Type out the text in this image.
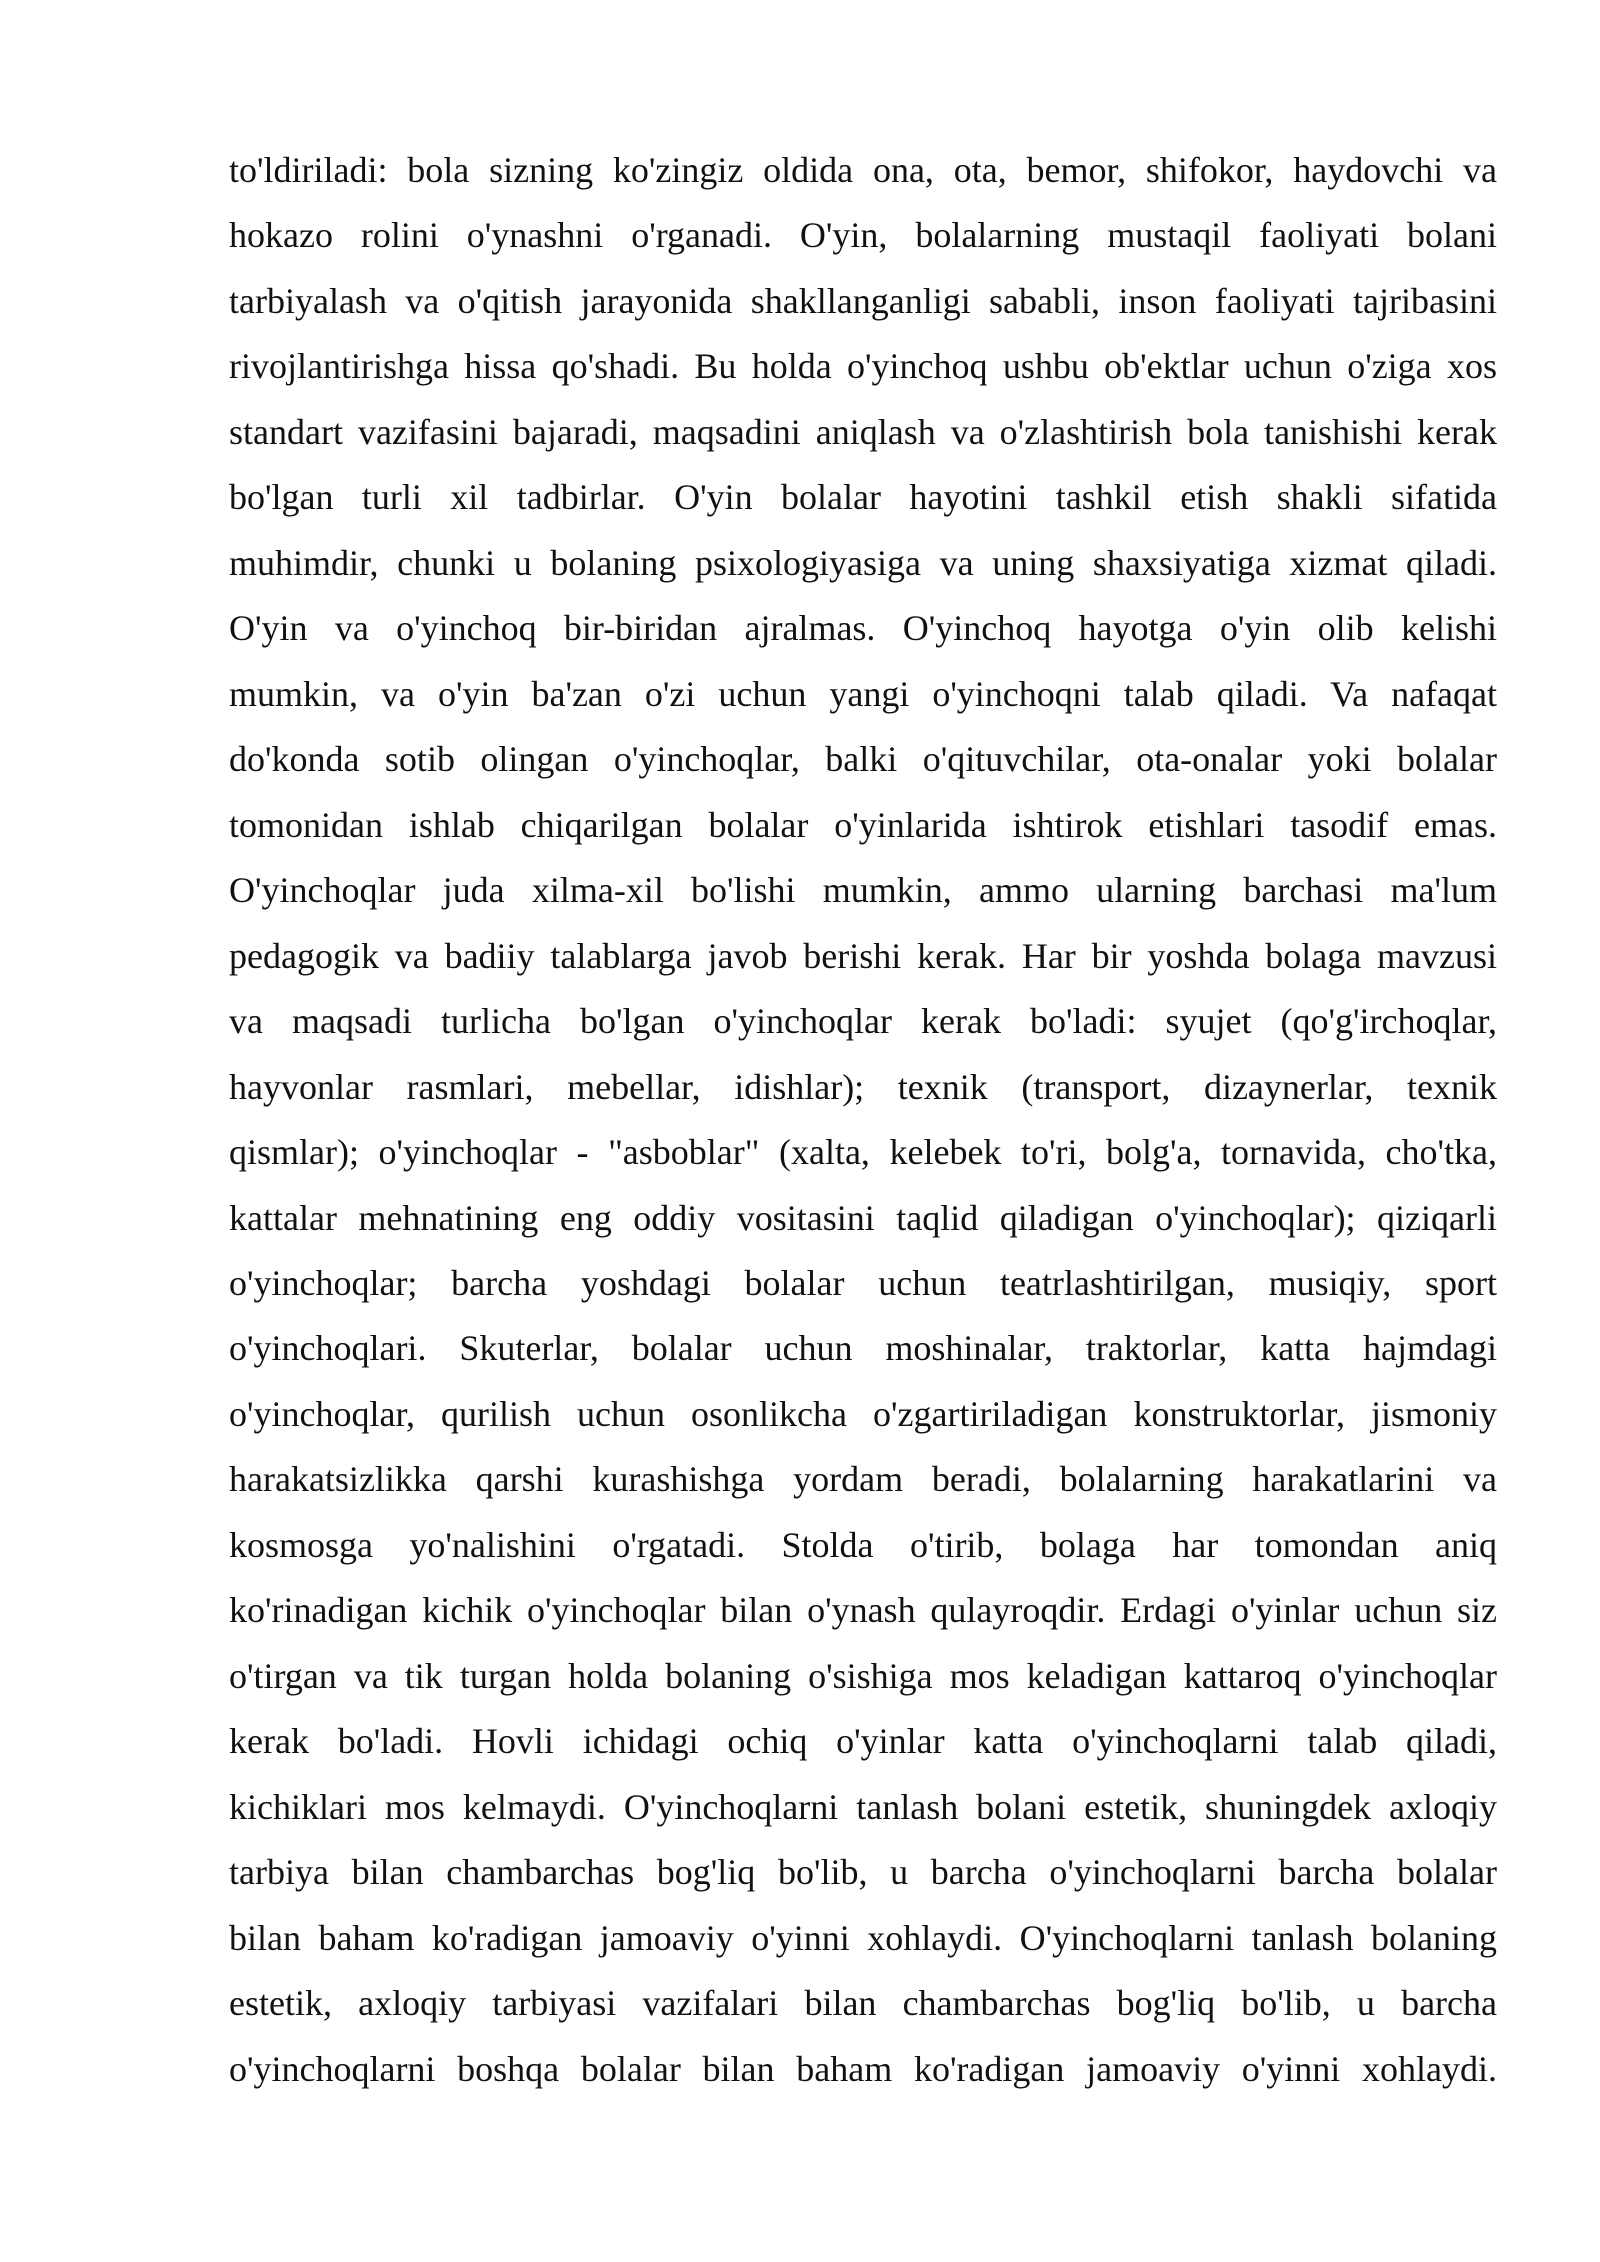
to'ldiriladi: bola sizning ko'zingiz oldida ona, ota, bemor, shifokor, haydovchi va
hokazo rolini o'ynashni o'rganadi. O'yin, bolalarning mustaqil faoliyati bolani
tarbiyalash va o'qitish jarayonida shakllanganligi sababli, inson faoliyati tajribasini
rivojlantirishga hissa qo'shadi. Bu holda o'yinchoq ushbu ob'ektlar uchun o'ziga xos
standart vazifasini bajaradi, maqsadini aniqlash va o'zlashtirish bola tanishishi kerak
bo'lgan turli xil tadbirlar. O'yin bolalar hayotini tashkil etish shakli sifatida
muhimdir, chunki u bolaning psixologiyasiga va uning shaxsiyatiga xizmat qiladi.
O'yin va o'yinchoq bir-biridan ajralmas. O'yinchoq hayotga o'yin olib kelishi
mumkin, va o'yin ba'zan o'zi uchun yangi o'yinchoqni talab qiladi. Va nafaqat
do'konda sotib olingan o'yinchoqlar, balki o'qituvchilar, ota-onalar yoki bolalar
tomonidan ishlab chiqarilgan bolalar o'yinlarida ishtirok etishlari tasodif emas.
O'yinchoqlar juda xilma-xil bo'lishi mumkin, ammo ularning barchasi ma'lum
pedagogik va badiiy talablarga javob berishi kerak. Har bir yoshda bolaga mavzusi
va maqsadi turlicha bo'lgan o'yinchoqlar kerak bo'ladi: syujet (qo'g'irchoqlar,
hayvonlar rasmlari, mebellar, idishlar); texnik (transport, dizaynerlar, texnik
qismlar); o'yinchoqlar - "asboblar" (xalta, kelebek to'ri, bolg'a, tornavida, cho'tka,
kattalar mehnatining eng oddiy vositasini taqlid qiladigan o'yinchoqlar); qiziqarli
o'yinchoqlar; barcha yoshdagi bolalar uchun teatrlashtirilgan, musiqiy, sport
o'yinchoqlari. Skuterlar, bolalar uchun moshinalar, traktorlar, katta hajmdagi
o'yinchoqlar, qurilish uchun osonlikcha o'zgartiriladigan konstruktorlar, jismoniy
harakatsizlikka qarshi kurashishga yordam beradi, bolalarning harakatlarini va
kosmosga yo'nalishini o'rgatadi. Stolda o'tirib, bolaga har tomondan aniq
ko'rinadigan kichik o'yinchoqlar bilan o'ynash qulayroqdir. Erdagi o'yinlar uchun siz
o'tirgan va tik turgan holda bolaning o'sishiga mos keladigan kattaroq o'yinchoqlar
kerak bo'ladi. Hovli ichidagi ochiq o'yinlar katta o'yinchoqlarni talab qiladi,
kichiklari mos kelmaydi. O'yinchoqlarni tanlash bolani estetik, shuningdek axloqiy
tarbiya bilan chambarchas bog'liq bo'lib, u barcha o'yinchoqlarni barcha bolalar
bilan baham ko'radigan jamoaviy o'yinni xohlaydi. O'yinchoqlarni tanlash bolaning
estetik, axloqiy tarbiyasi vazifalari bilan chambarchas bog'liq bo'lib, u barcha
o'yinchoqlarni boshqa bolalar bilan baham ko'radigan jamoaviy o'yinni xohlaydi.
